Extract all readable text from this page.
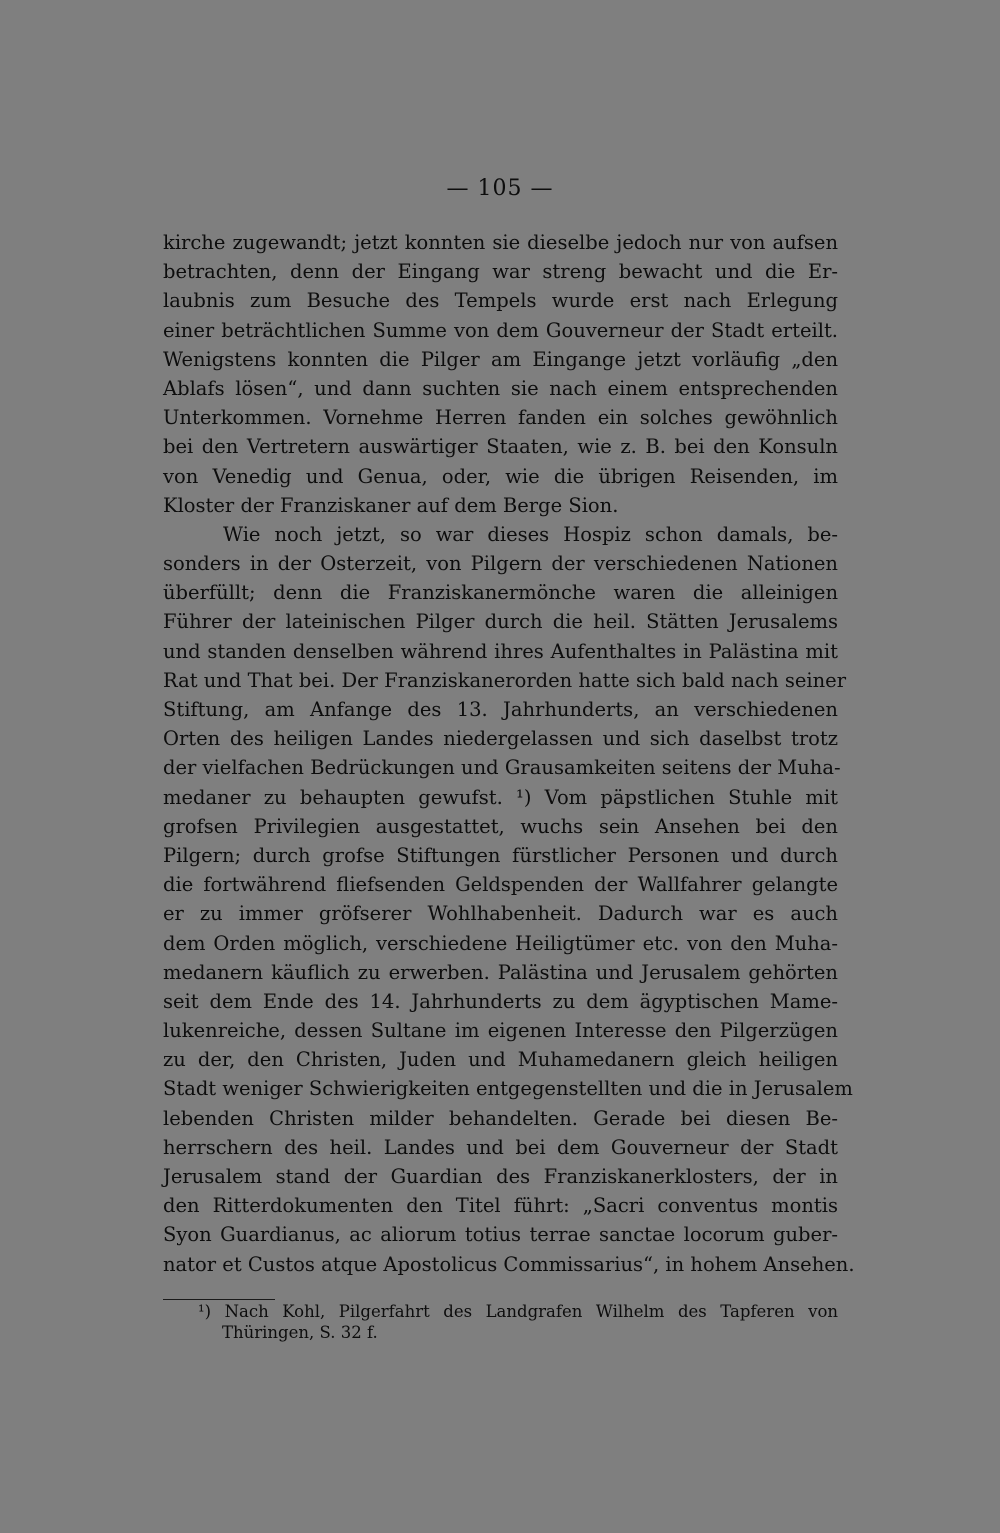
— 105 —
kirche zugewandt; jetzt konnten sie dieselbe jedoch nur von aufsen
betrachten, denn der Eingang war streng bewacht und die Er-
laubnis zum Besuche des Tempels wurde erst nach Erlegung
einer beträchtlichen Summe von dem Gouverneur der Stadt erteilt.
Wenigstens konnten die Pilger am Eingange jetzt vorläufig „den
Ablafs lösen“, und dann suchten sie nach einem entsprechenden
Unterkommen. Vornehme Herren fanden ein solches gewöhnlich
bei den Vertretern auswärtiger Staaten, wie z. B. bei den Konsuln
von Venedig und Genua, oder, wie die übrigen Reisenden, im
Kloster der Franziskaner auf dem Berge Sion.
Wie noch jetzt, so war dieses Hospiz schon damals, be-
sonders in der Osterzeit, von Pilgern der verschiedenen Nationen
überfüllt; denn die Franziskanermönche waren die alleinigen
Führer der lateinischen Pilger durch die heil. Stätten Jerusalems
und standen denselben während ihres Aufenthaltes in Palästina mit
Rat und That bei. Der Franziskanerorden hatte sich bald nach seiner
Stiftung, am Anfange des 13. Jahrhunderts, an verschiedenen
Orten des heiligen Landes niedergelassen und sich daselbst trotz
der vielfachen Bedrückungen und Grausamkeiten seitens der Muha-
medaner zu behaupten gewufst. ¹) Vom päpstlichen Stuhle mit
grofsen Privilegien ausgestattet, wuchs sein Ansehen bei den
Pilgern; durch grofse Stiftungen fürstlicher Personen und durch
die fortwährend fliefsenden Geldspenden der Wallfahrer gelangte
er zu immer gröfserer Wohlhabenheit. Dadurch war es auch
dem Orden möglich, verschiedene Heiligtümer etc. von den Muha-
medanern käuflich zu erwerben. Palästina und Jerusalem gehörten
seit dem Ende des 14. Jahrhunderts zu dem ägyptischen Mame-
lukenreiche, dessen Sultane im eigenen Interesse den Pilgerzügen
zu der, den Christen, Juden und Muhamedanern gleich heiligen
Stadt weniger Schwierigkeiten entgegenstellten und die in Jerusalem
lebenden Christen milder behandelten. Gerade bei diesen Be-
herrschern des heil. Landes und bei dem Gouverneur der Stadt
Jerusalem stand der Guardian des Franziskanerklosters, der in
den Ritterdokumenten den Titel führt: „Sacri conventus montis
Syon Guardianus, ac aliorum totius terrae sanctae locorum guber-
nator et Custos atque Apostolicus Commissarius“, in hohem Ansehen.
¹) Nach Kohl, Pilgerfahrt des Landgrafen Wilhelm des Tapferen von
Thüringen, S. 32 f.
